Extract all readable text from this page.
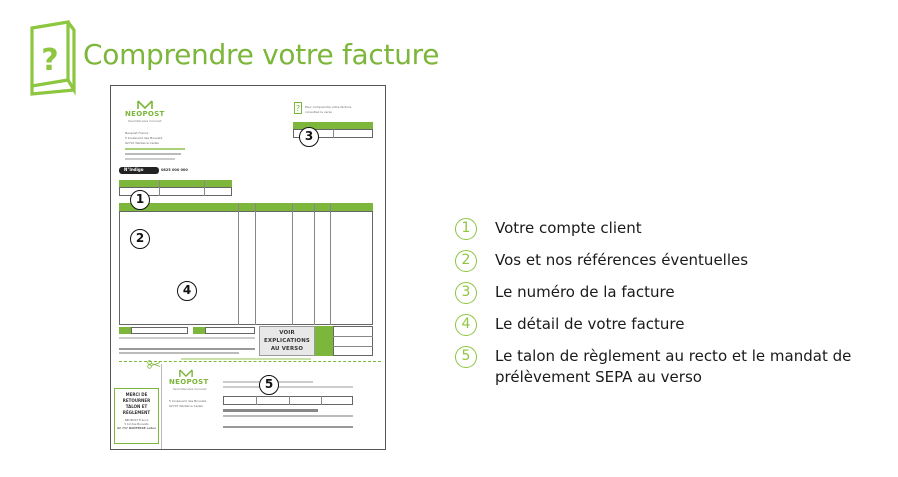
? Comprendre votre facture
NEOPOST
Send Receive Connect
Neopost France
5 boulevard des Bouvets
92747 Nanterre Cedex
? Pour comprendre votre facture,
consultez le verso
N°Indigo	0825 000 000
VOIR
EXPLICATIONS
AU VERSO
NEOPOST
Send Receive Connect
5 boulevard des Bouvets
92747 Nanterre Cedex
MERCI DE
RETOURNER
TALON ET
RÈGLEMENT
NEOPOST France
5 bd des Bouvets
92 747 NANTERRE cedex
1
2
3
4
5
1	Votre compte client
2	Vos et nos références éventuelles
3	Le numéro de la facture
4	Le détail de votre facture
5	Le talon de règlement au recto et le mandat de prélèvement SEPA au verso
